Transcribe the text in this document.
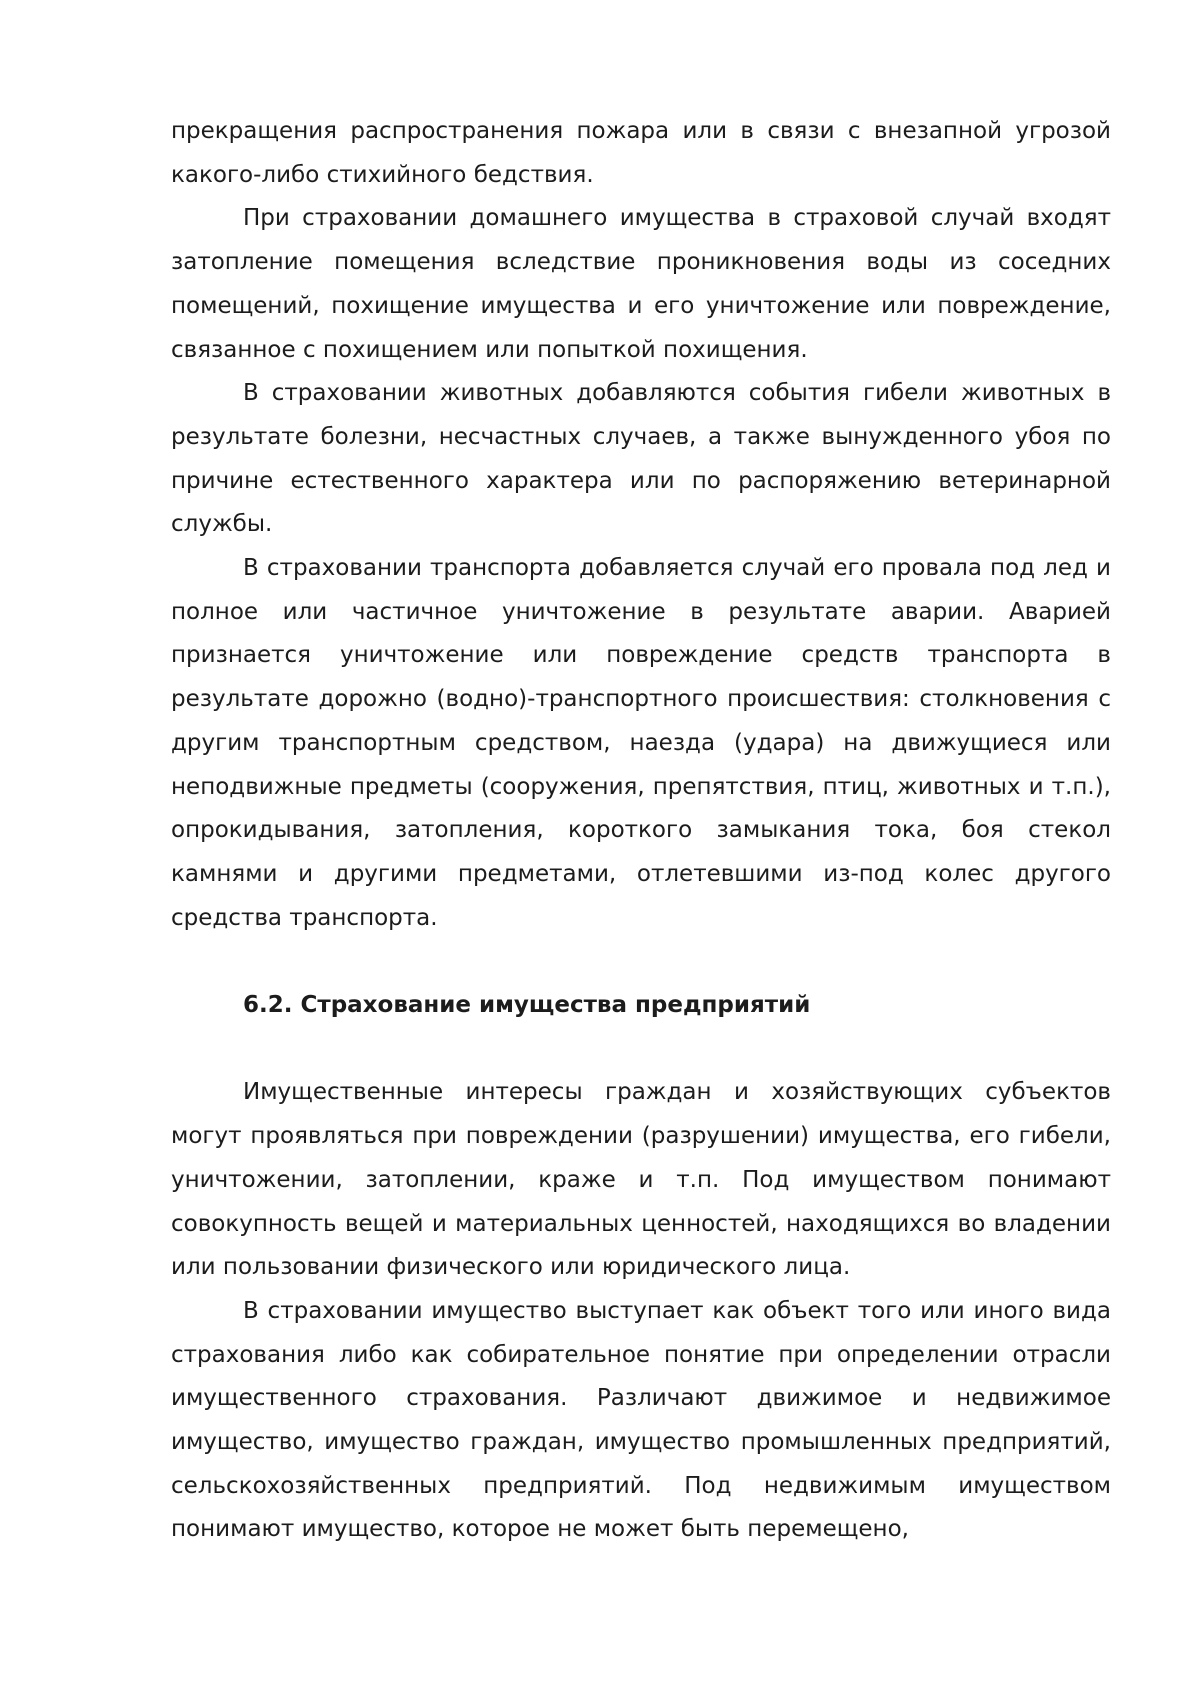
прекращения распространения пожара или в связи с внезапной угрозой какого-либо стихийного бедствия.

При страховании домашнего имущества в страховой случай входят затопление помещения вследствие проникновения воды из соседних помещений, похищение имущества и его уничтожение или повреждение, связанное с похищением или попыткой похищения.

В страховании животных добавляются события гибели животных в результате болезни, несчастных случаев, а также вынужденного убоя по причине естественного характера или по распоряжению ветеринарной службы.

В страховании транспорта добавляется случай его провала под лед и полное или частичное уничтожение в результате аварии. Аварией признается уничтожение или повреждение средств транспорта в результате дорожно (водно)-транспортного происшествия: столкновения с другим транспортным средством, наезда (удара) на движущиеся или неподвижные предметы (сооружения, препятствия, птиц, животных и т.п.), опрокидывания, затопления, короткого замыкания тока, боя стекол камнями и другими предметами, отлетевшими из-под колес другого средства транспорта.

6.2. Страхование имущества предприятий

Имущественные интересы граждан и хозяйствующих субъектов могут проявляться при повреждении (разрушении) имущества, его гибели, уничтожении, затоплении, краже и т.п. Под имуществом понимают совокупность вещей и материальных ценностей, находящихся во владении или пользовании физического или юридического лица.

В страховании имущество выступает как объект того или иного вида страхования либо как собирательное понятие при определении отрасли имущественного страхования. Различают движимое и недвижимое имущество, имущество граждан, имущество промышленных предприятий, сельскохозяйственных предприятий. Под недвижимым имуществом понимают имущество, которое не может быть перемещено,
